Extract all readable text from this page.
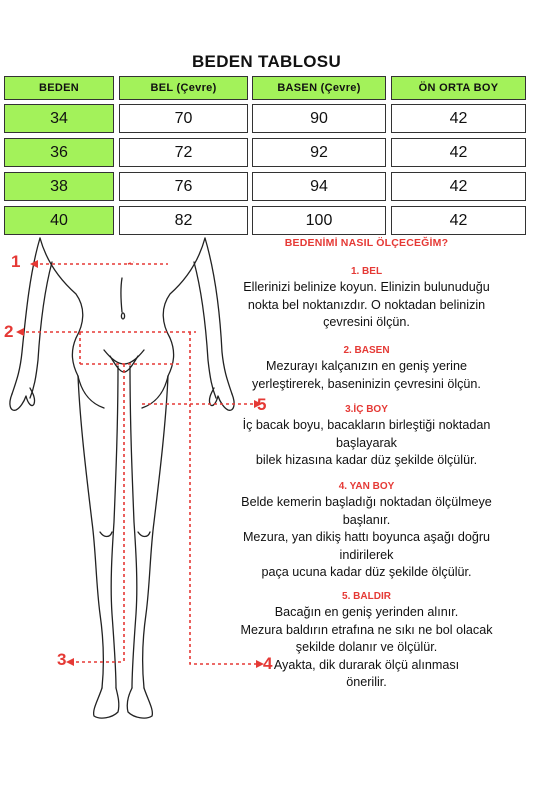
BEDEN TABLOSU
BEDEN	BEL (Çevre)	BASEN (Çevre)	ÖN ORTA BOY
34	70	90	42
36	72	92	42
38	76	94	42
40	82	100	42
1
2
3	4
5
BEDENİMİ NASIL ÖLÇECEĞİM?
1. BEL

Ellerinizi belinize koyun. Elinizin bulunuduğu

nokta bel noktanızdır. O noktadan belinizin

çevresini ölçün.

2. BASEN

Mezurayı kalçanızın en geniş yerine

yerleştirerek, baseninizin çevresini ölçün.

3.İÇ BOY

İç bacak boyu, bacakların birleştiği noktadan

başlayarak

bilek hizasına kadar düz şekilde ölçülür.

4. YAN BOY

Belde kemerin başladığı noktadan ölçülmeye

başlanır.

Mezura, yan dikiş hattı boyunca aşağı doğru

indirilerek

paça ucuna kadar düz şekilde ölçülür.

5. BALDIR

Bacağın en geniş yerinden alınır.

Mezura baldırın etrafına ne sıkı ne bol olacak

şekilde dolanır ve ölçülür.

Ayakta, dik durarak ölçü alınması

önerilir.
